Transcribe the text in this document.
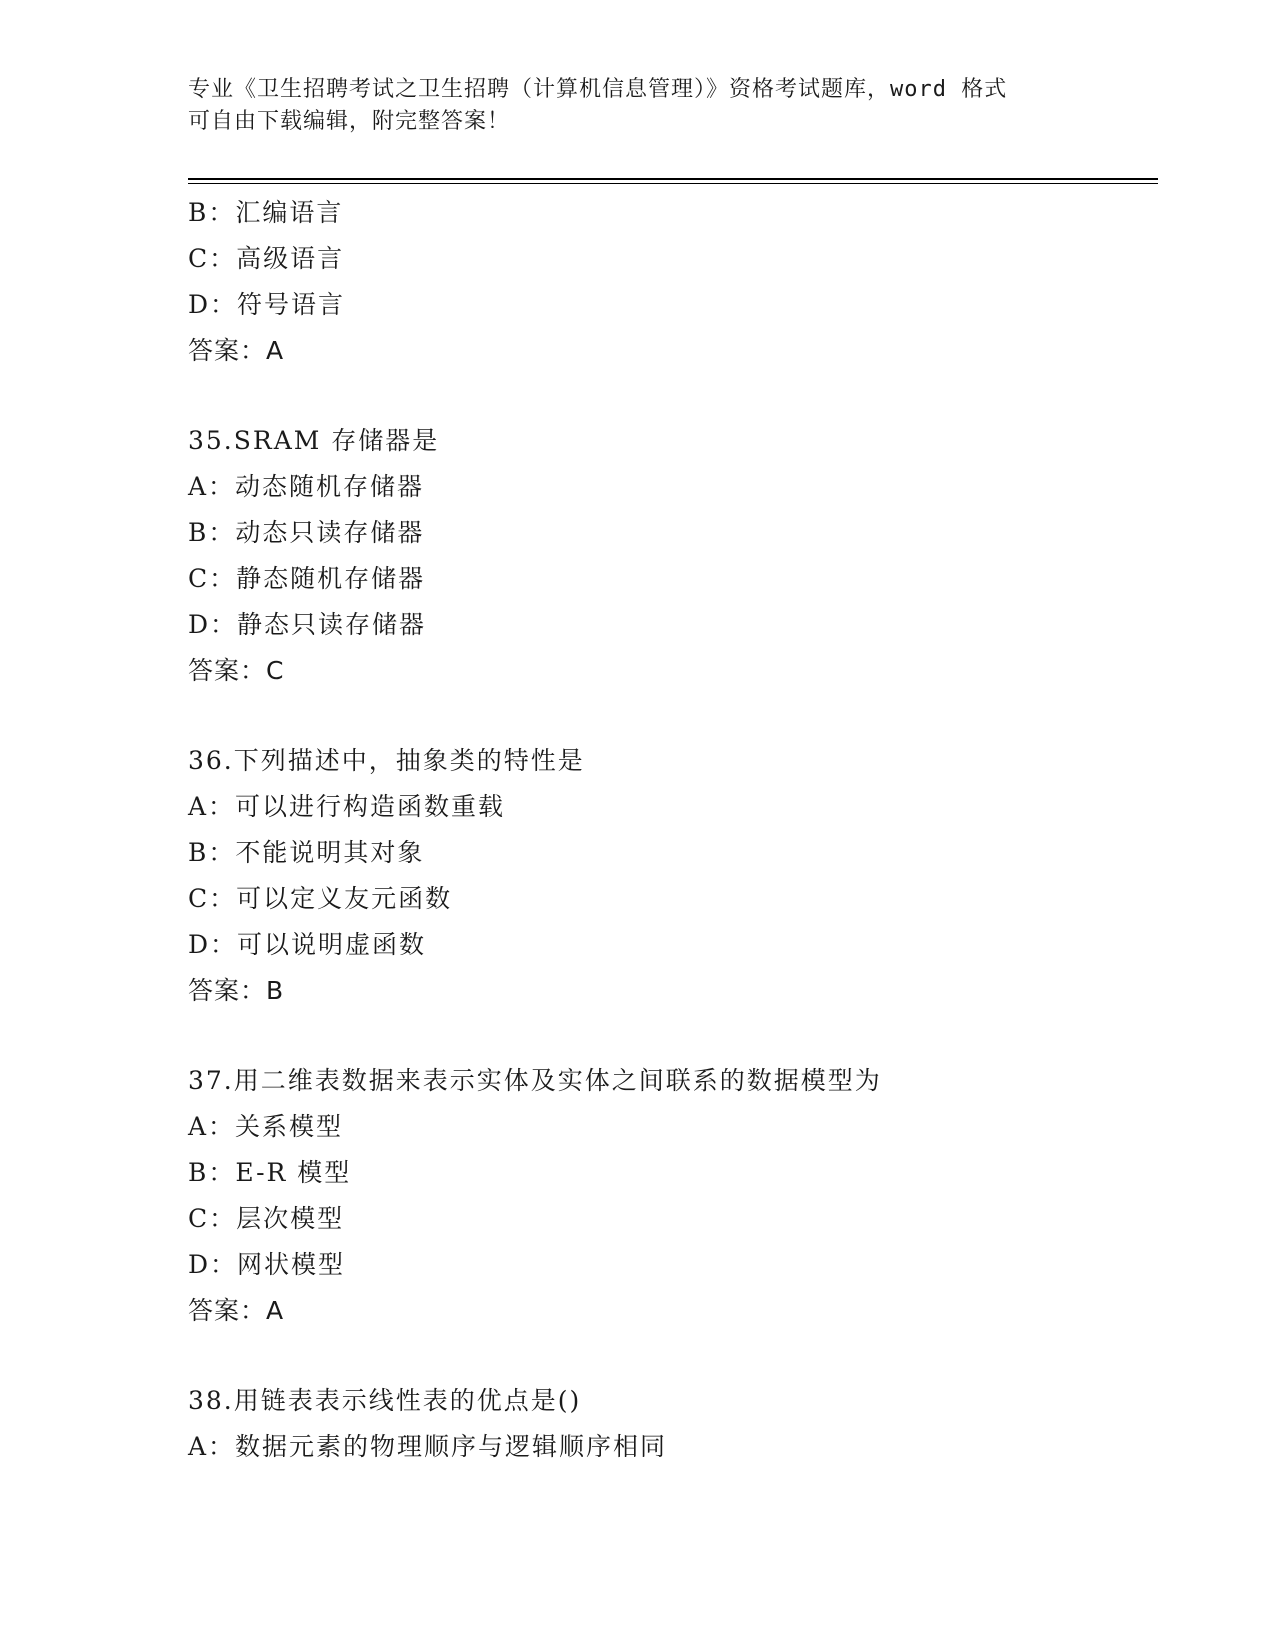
专业《卫生招聘考试之卫生招聘（计算机信息管理）》资格考试题库，word 格式
可自由下载编辑，附完整答案！
B：汇编语言
C：高级语言
D：符号语言
答案：A
35.SRAM 存储器是
A：动态随机存储器
B：动态只读存储器
C：静态随机存储器
D：静态只读存储器
答案：C
36.下列描述中，抽象类的特性是
A：可以进行构造函数重载
B：不能说明其对象
C：可以定义友元函数
D：可以说明虚函数
答案：B
37.用二维表数据来表示实体及实体之间联系的数据模型为
A：关系模型
B：E-R 模型
C：层次模型
D：网状模型
答案：A
38.用链表表示线性表的优点是()
A：数据元素的物理顺序与逻辑顺序相同
